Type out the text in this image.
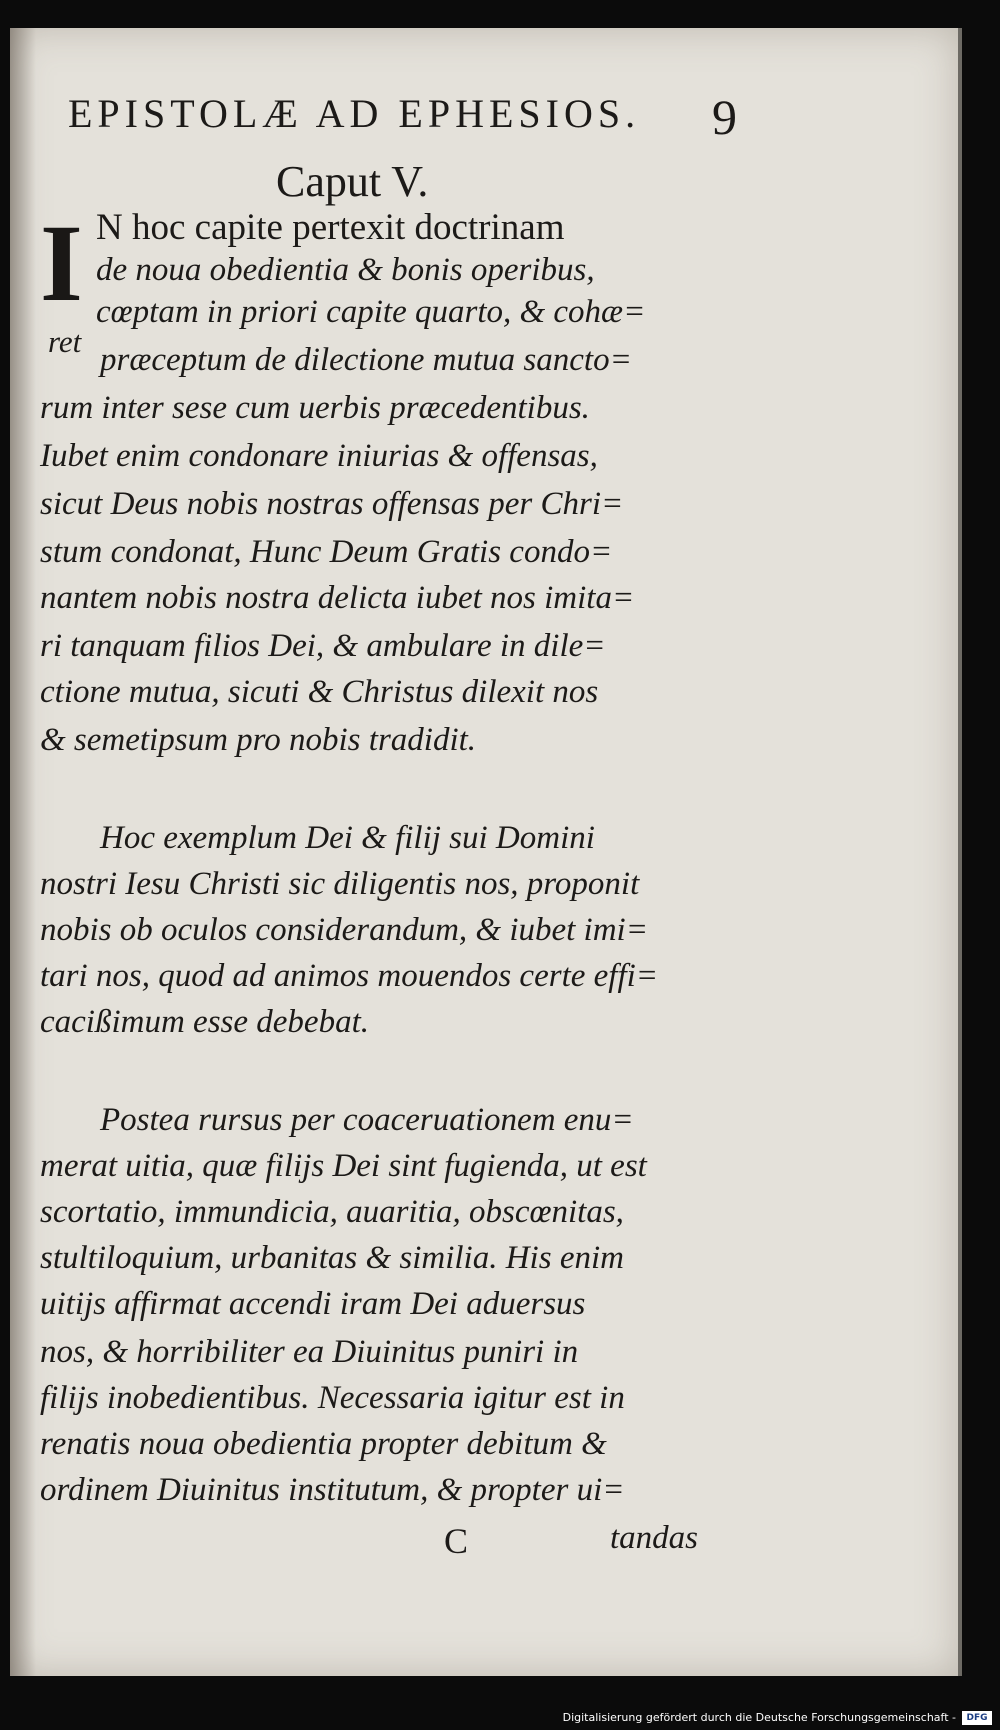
EPISTOLÆ AD EPHESIOS. 9
Caput V.
I N hoc capite pertexit doctrinam
de noua obedientia & bonis operibus,
cœptam in priori capite quarto, & cohæ=
ret
præceptum de dilectione mutua sancto=
rum inter sese cum uerbis præcedentibus.
Iubet enim condonare iniurias & offensas,
sicut Deus nobis nostras offensas per Chri=
stum condonat, Hunc Deum Gratis condo=
nantem nobis nostra delicta iubet nos imita=
ri tanquam filios Dei, & ambulare in dile=
ctione mutua, sicuti & Christus dilexit nos
& semetipsum pro nobis tradidit.
Hoc exemplum Dei & filij sui Domini
nostri Iesu Christi sic diligentis nos, proponit
nobis ob oculos considerandum, & iubet imi=
tari nos, quod ad animos mouendos certe effi=
cacißimum esse debebat.
Postea rursus per coaceruationem enu=
merat uitia, quæ filijs Dei sint fugienda, ut est
scortatio, immundicia, auaritia, obscœnitas,
stultiloquium, urbanitas & similia. His enim
uitijs affirmat accendi iram Dei aduersus
nos, & horribiliter ea Diuinitus puniri in
filijs inobedientibus. Necessaria igitur est in
renatis noua obedientia propter debitum &
ordinem Diuinitus institutum, & propter ui=
C	tandas
Digitalisierung gefördert durch die Deutsche Forschungsgemeinschaft -	DFG
